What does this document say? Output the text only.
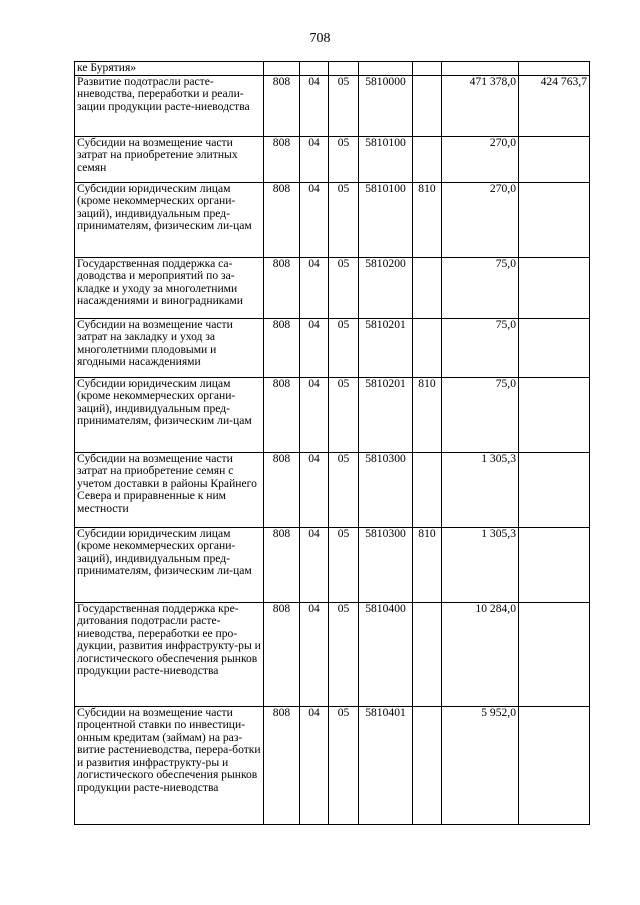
708
ке Бурятия»							
Развитие подотрасли расте-нневодства, переработки и реали-зации продукции расте-ниеводства	808	04	05	5810000		471 378,0	424 763,7
Субсидии на возмещение части затрат на приобретение элитных семян	808	04	05	5810100		270,0	
Субсидии юридическим лицам (кроме некоммерческих органи-заций), индивидуальным пред-принимателям, физическим ли-цам	808	04	05	5810100	810	270,0	
Государственная поддержка са-доводства и мероприятий по за-кладке и уходу за многолетними насаждениями и виноградниками	808	04	05	5810200		75,0	
Субсидии на возмещение части затрат на закладку и уход за многолетними плодовыми и ягодными насаждениями	808	04	05	5810201		75,0	
Субсидии юридическим лицам (кроме некоммерческих органи-заций), индивидуальным пред-принимателям, физическим ли-цам	808	04	05	5810201	810	75,0	
Субсидии на возмещение части затрат на приобретение семян с учетом доставки в районы Крайнего Севера и приравненные к ним местности	808	04	05	5810300		1 305,3	
Субсидии юридическим лицам (кроме некоммерческих органи-заций), индивидуальным пред-принимателям, физическим ли-цам	808	04	05	5810300	810	1 305,3	
Государственная поддержка кре-дитования подотрасли расте-ниеводства, переработки ее про-дукции, развития инфраструкту-ры и логистического обеспечения рынков продукции расте-ниеводства	808	04	05	5810400		10 284,0	
Субсидии на возмещение части процентной ставки по инвестици-онным кредитам (займам) на раз-витие растениеводства, перера-ботки и развития инфраструкту-ры и логистического обеспечения рынков продукции расте-ниеводства	808	04	05	5810401		5 952,0	
